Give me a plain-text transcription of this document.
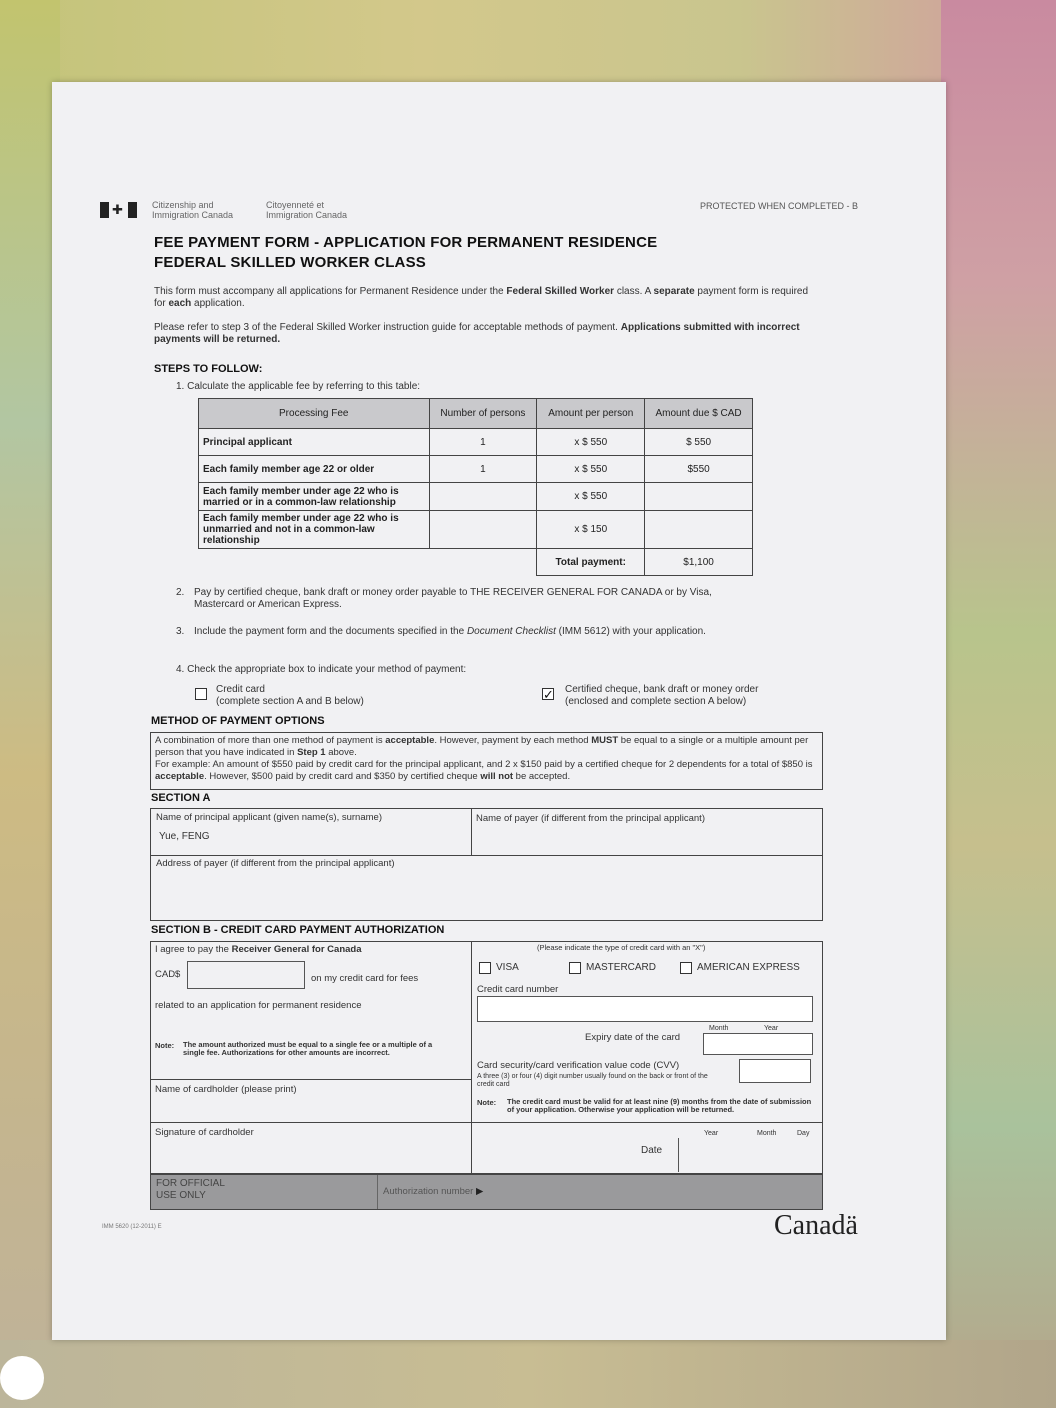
✚	Citizenship and
Immigration Canada
Citoyenneté et
Immigration Canada
PROTECTED WHEN COMPLETED - B
FEE PAYMENT FORM - APPLICATION FOR PERMANENT RESIDENCE
FEDERAL SKILLED WORKER CLASS
This form must accompany all applications for Permanent Residence under the Federal Skilled Worker class. A separate payment form is required for each application.
Please refer to step 3 of the Federal Skilled Worker instruction guide for acceptable methods of payment. Applications submitted with incorrect payments will be returned.
STEPS TO FOLLOW:
1. Calculate the applicable fee by referring to this table:
Processing Fee	Number of persons	Amount per person	Amount due $ CAD
Principal applicant	1	x $ 550	$ 550
Each family member age 22 or older	1	x $ 550	$550
Each family member under age 22 who is married or in a common-law relationship		x $ 550	
Each family member under age 22 who is unmarried and not in a common-law relationship		x $ 150	
		Total payment:	$1,100
2. Pay by certified cheque, bank draft or money order payable to THE RECEIVER GENERAL FOR CANADA or by Visa, Mastercard or American Express.
3. Include the payment form and the documents specified in the Document Checklist (IMM 5612) with your application.
4. Check the appropriate box to indicate your method of payment:
Credit card
(complete section A and B below)	✓ Certified cheque, bank draft or money order
(enclosed and complete section A below)
METHOD OF PAYMENT OPTIONS
A combination of more than one method of payment is acceptable. However, payment by each method MUST be equal to a single or a multiple amount per person that you have indicated in Step 1 above.
For example: An amount of $550 paid by credit card for the principal applicant, and 2 x $150 paid by a certified cheque for 2 dependents for a total of $850 is acceptable. However, $500 paid by credit card and $350 by certified cheque will not be accepted.
SECTION A
Name of principal applicant (given name(s), surname)
Yue, FENG
Name of payer (if different from the principal applicant)
Address of payer (if different from the principal applicant)
SECTION B - CREDIT CARD PAYMENT AUTHORIZATION
I agree to pay the Receiver General for Canada
CAD$	on my credit card for fees
related to an application for permanent residence
Note: The amount authorized must be equal to a single fee or a multiple of a single fee. Authorizations for other amounts are incorrect.
Name of cardholder (please print)
Signature of cardholder
(Please indicate the type of credit card with an "X")
VISA	MASTERCARD	AMERICAN EXPRESS
Credit card number
Expiry date of the card
Month	Year
Card security/card verification value code (CVV)
A three (3) or four (4) digit number usually found on the back or front of the credit card
Note: The credit card must be valid for at least nine (9) months from the date of submission of your application. Otherwise your application will be returned.
Date
Year	Month	Day
FOR OFFICIAL
USE ONLY	Authorization number ▶
IMM 5620 (12-2011) E	Canadä
